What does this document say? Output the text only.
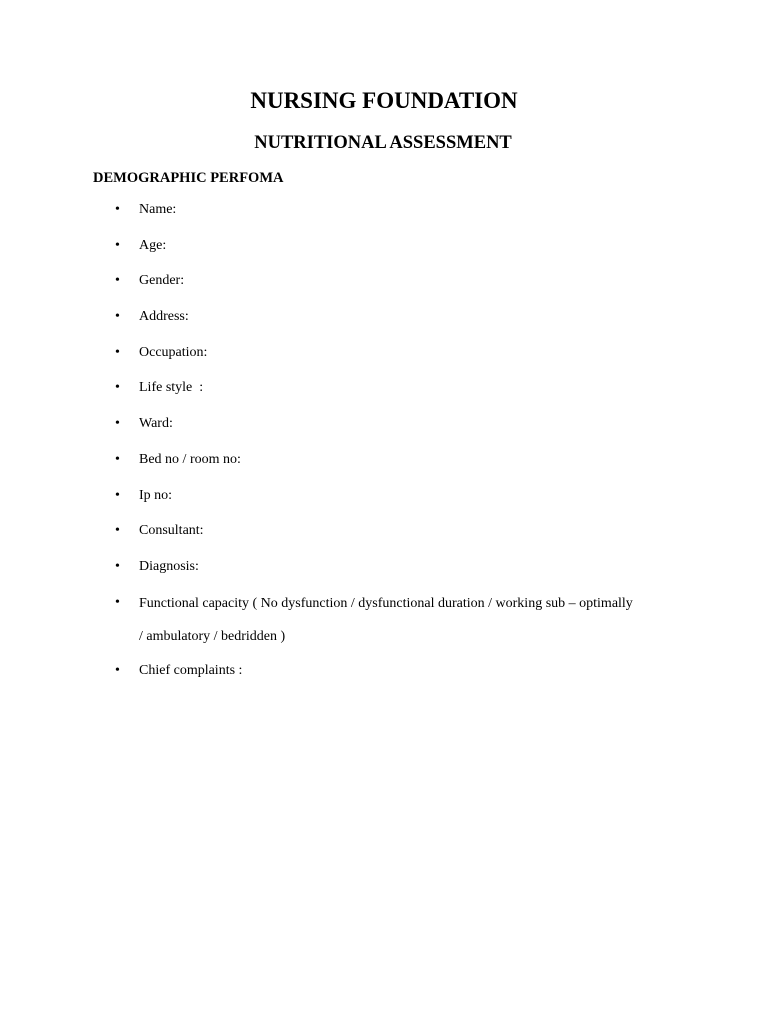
NURSING FOUNDATION
NUTRITIONAL ASSESSMENT
DEMOGRAPHIC PERFOMA
•	Name:
•	Age:
•	Gender:
•	Address:
•	Occupation:
•	Life style  :
•	Ward:
•	Bed no / room no:
•	Ip no:
•	Consultant:
•	Diagnosis:
•	Functional capacity ( No dysfunction / dysfunctional duration / working sub – optimally / ambulatory / bedridden )
•	Chief complaints :
